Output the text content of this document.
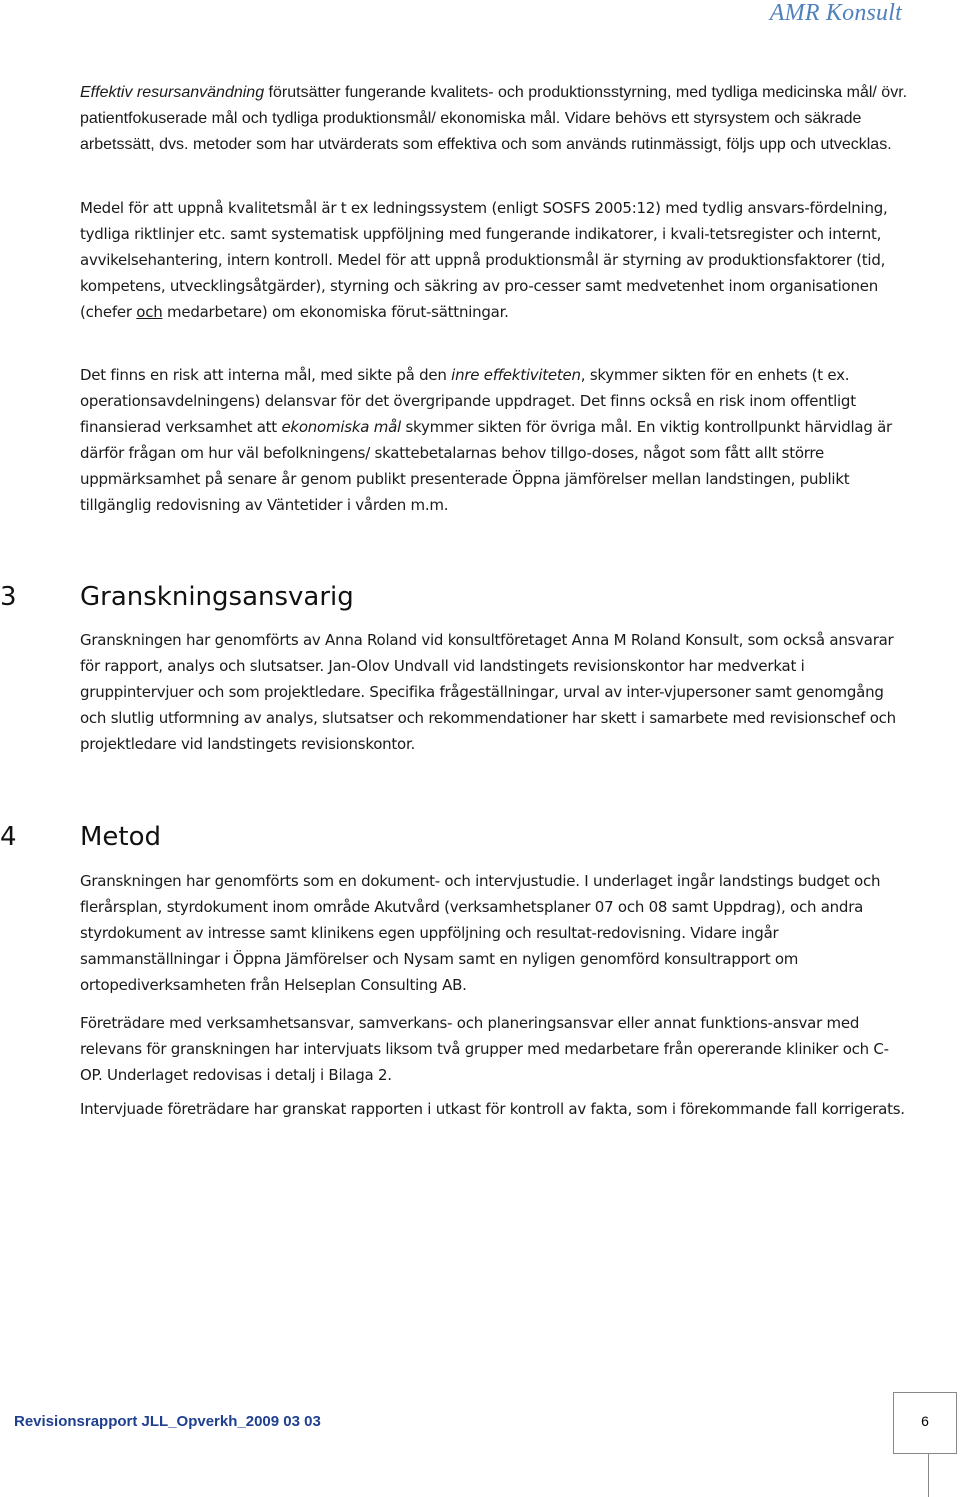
AMR Konsult

Effektiv resursanvändning förutsätter fungerande kvalitets- och produktionsstyrning, med tydliga medicinska mål/ övr. patientfokuserade mål och tydliga produktionsmål/ ekonomiska mål. Vidare behövs ett styrsystem och säkrade arbetssätt, dvs. metoder som har utvärderats som effektiva och som används rutinmässigt, följs upp och utvecklas.

Medel för att uppnå kvalitetsmål är t ex ledningssystem (enligt SOSFS 2005:12) med tydlig ansvars-fördelning, tydliga riktlinjer etc. samt systematisk uppföljning med fungerande indikatorer, i kvali-tetsregister och internt, avvikelsehantering, intern kontroll. Medel för att uppnå produktionsmål är styrning av produktionsfaktorer (tid, kompetens, utvecklingsåtgärder), styrning och säkring av pro-cesser samt medvetenhet inom organisationen (chefer och medarbetare) om ekonomiska förut-sättningar.

Det finns en risk att interna mål, med sikte på den inre effektiviteten, skymmer sikten för en enhets (t ex. operationsavdelningens) delansvar för det övergripande uppdraget. Det finns också en risk inom offentligt finansierad verksamhet att ekonomiska mål skymmer sikten för övriga mål. En viktig kontrollpunkt härvidlag är därför frågan om hur väl befolkningens/ skattebetalarnas behov tillgo-doses, något som fått allt större uppmärksamhet på senare år genom publikt presenterade Öppna jämförelser mellan landstingen, publikt tillgänglig redovisning av Väntetider i vården m.m.

3 Granskningsansvarig

Granskningen har genomförts av Anna Roland vid konsultföretaget Anna M Roland Konsult, som också ansvarar för rapport, analys och slutsatser. Jan-Olov Undvall vid landstingets revisionskontor har medverkat i gruppintervjuer och som projektledare. Specifika frågeställningar, urval av inter-vjupersoner samt genomgång och slutlig utformning av analys, slutsatser och rekommendationer har skett i samarbete med revisionschef och projektledare vid landstingets revisionskontor.

4 Metod

Granskningen har genomförts som en dokument- och intervjustudie. I underlaget ingår landstings budget och flerårsplan, styrdokument inom område Akutvård (verksamhetsplaner 07 och 08 samt Uppdrag), och andra styrdokument av intresse samt klinikens egen uppföljning och resultat-redovisning. Vidare ingår sammanställningar i Öppna Jämförelser och Nysam samt en nyligen genomförd konsultrapport om ortopediverksamheten från Helseplan Consulting AB.

Företrädare med verksamhetsansvar, samverkans- och planeringsansvar eller annat funktions-ansvar med relevans för granskningen har intervjuats liksom två grupper med medarbetare från opererande kliniker och C-OP. Underlaget redovisas i detalj i Bilaga 2.

Intervjuade företrädare har granskat rapporten i utkast för kontroll av fakta, som i förekommande fall korrigerats.

Revisionsrapport JLL_Opverkh_2009 03 03	6
